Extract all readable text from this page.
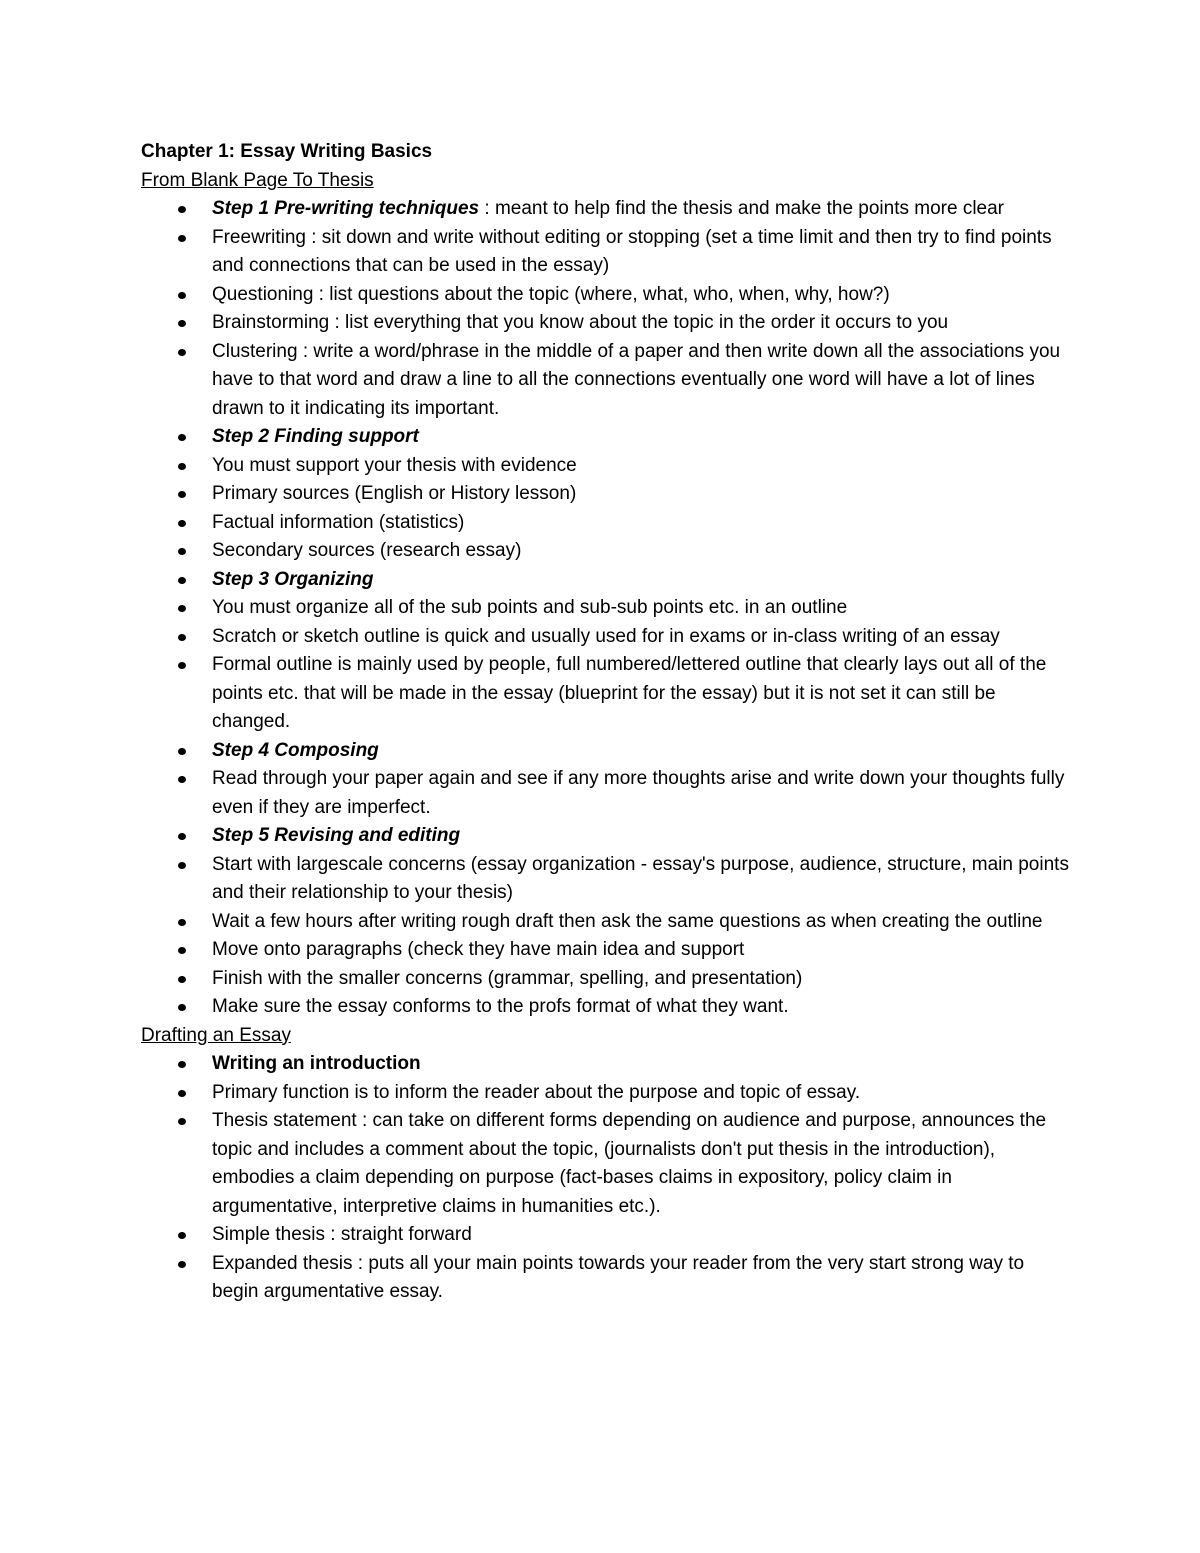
Chapter 1: Essay Writing Basics

From Blank Page To Thesis

Step 1 Pre-writing techniques : meant to help find the thesis and make the points more clear
Freewriting : sit down and write without editing or stopping (set a time limit and then try to find points and connections that can be used in the essay)
Questioning : list questions about the topic (where, what, who, when, why, how?)
Brainstorming : list everything that you know about the topic in the order it occurs to you
Clustering : write a word/phrase in the middle of a paper and then write down all the associations you have to that word and draw a line to all the connections eventually one word will have a lot of lines drawn to it indicating its important.
Step 2 Finding support
You must support your thesis with evidence
Primary sources (English or History lesson)
Factual information (statistics)
Secondary sources (research essay)
Step 3 Organizing
You must organize all of the sub points and sub-sub points etc. in an outline
Scratch or sketch outline is quick and usually used for in exams or in-class writing of an essay
Formal outline is mainly used by people, full numbered/lettered outline that clearly lays out all of the points etc. that will be made in the essay (blueprint for the essay) but it is not set it can still be changed.
Step 4 Composing
Read through your paper again and see if any more thoughts arise and write down your thoughts fully even if they are imperfect.
Step 5 Revising and editing
Start with largescale concerns (essay organization - essay's purpose, audience, structure, main points and their relationship to your thesis)
Wait a few hours after writing rough draft then ask the same questions as when creating the outline
Move onto paragraphs (check they have main idea and support
Finish with the smaller concerns (grammar, spelling, and presentation)
Make sure the essay conforms to the profs format of what they want.

Drafting an Essay

Writing an introduction
Primary function is to inform the reader about the purpose and topic of essay.
Thesis statement : can take on different forms depending on audience and purpose, announces the topic and includes a comment about the topic, (journalists don't put thesis in the introduction), embodies a claim depending on purpose (fact-bases claims in expository, policy claim in argumentative, interpretive claims in humanities etc.).
Simple thesis : straight forward
Expanded thesis : puts all your main points towards your reader from the very start strong way to begin argumentative essay.
